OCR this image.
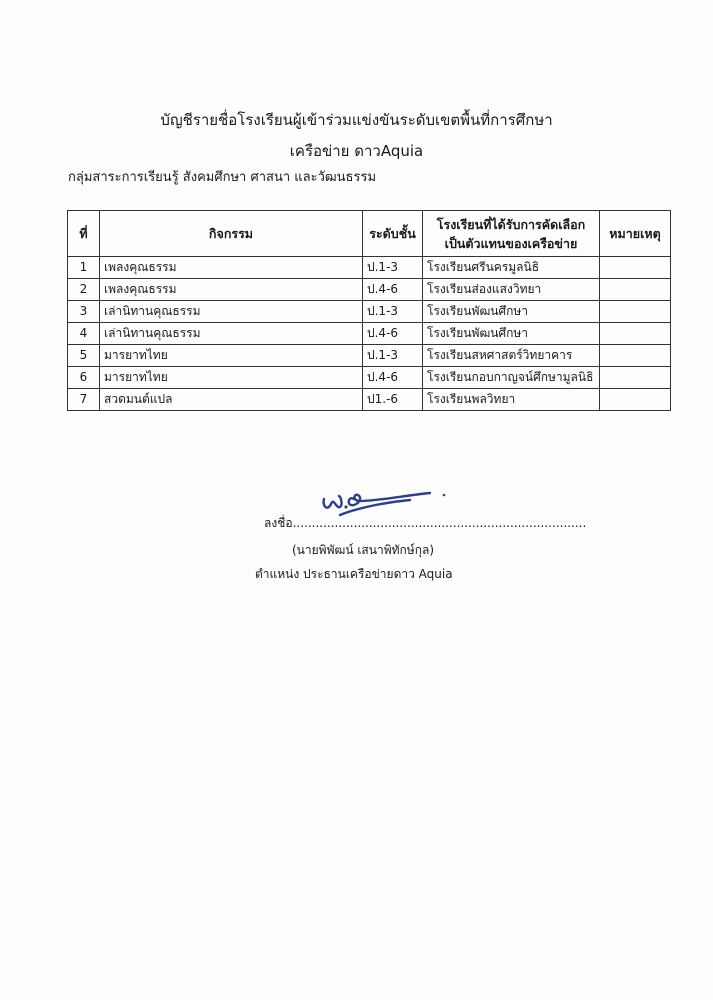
บัญชีรายชื่อโรงเรียนผู้เข้าร่วมแข่งขันระดับเขตพื้นที่การศึกษา
เครือข่าย ดาวAquia
กลุ่มสาระการเรียนรู้ สังคมศึกษา ศาสนา และวัฒนธรรม
ที่	กิจกรรม	ระดับชั้น	โรงเรียนที่ได้รับการคัดเลือกเป็นตัวแทนของเครือข่าย	หมายเหตุ
1	เพลงคุณธรรม	ป.1-3	โรงเรียนศรีนครมูลนิธิ	
2	เพลงคุณธรรม	ป.4-6	โรงเรียนส่องแสงวิทยา	
3	เล่านิทานคุณธรรม	ป.1-3	โรงเรียนพัฒนศึกษา	
4	เล่านิทานคุณธรรม	ป.4-6	โรงเรียนพัฒนศึกษา	
5	มารยาทไทย	ป.1-3	โรงเรียนสหศาสตร์วิทยาคาร	
6	มารยาทไทย	ป.4-6	โรงเรียนกอบกาญจน์ศึกษามูลนิธิ	
7	สวดมนต์แปล	ป1.-6	โรงเรียนพลวิทยา	
ลงชื่อ.............................................................................
(นายพิพัฒน์ เสนาพิทักษ์กุล)
ตำแหน่ง ประธานเครือข่ายดาว Aquia
